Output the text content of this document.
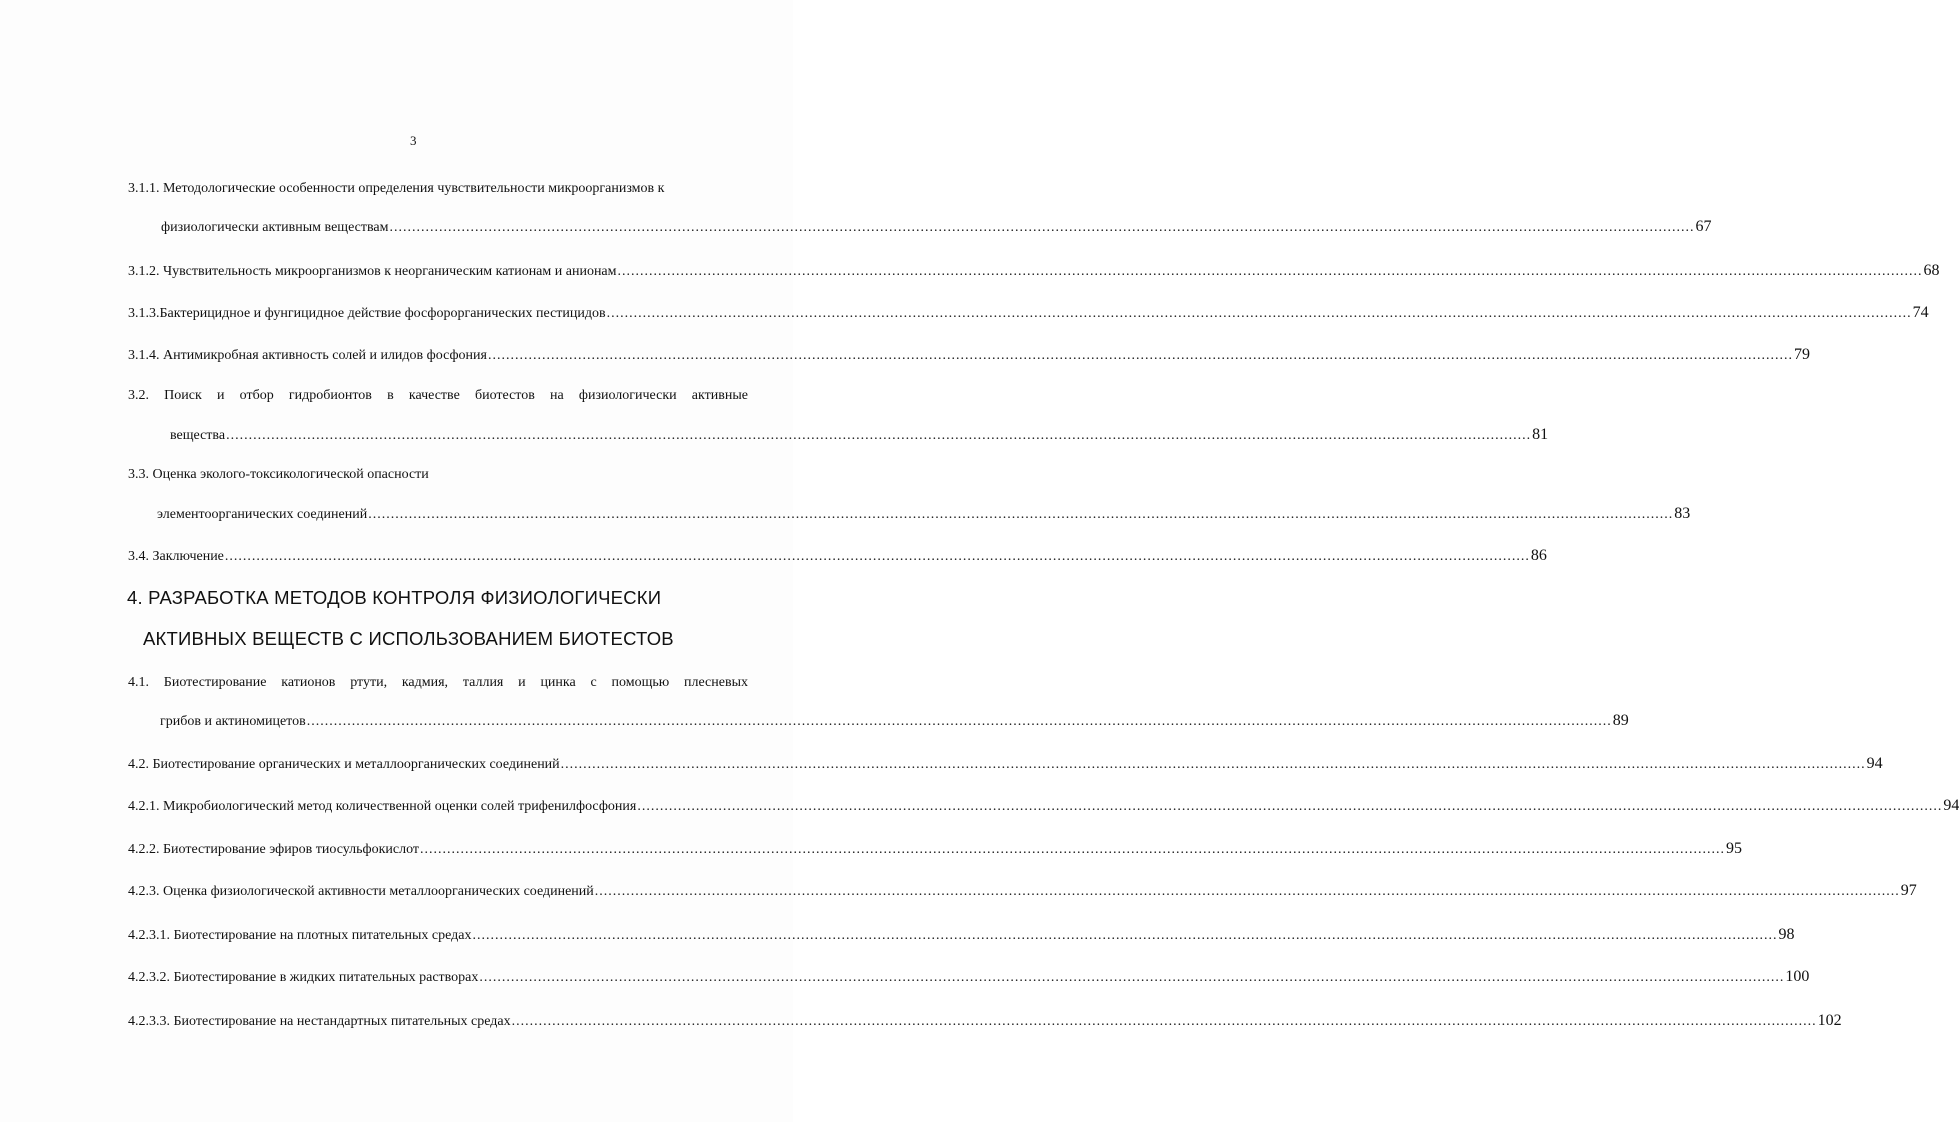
3
3.1.1. Методологические особенности определения чувствительности микроорганизмов к
физиологически активным веществам .................................................................................................................................................................................................................................................................................................. 67
3.1.2. Чувствительность микроорганизмов к неорганическим катионам и анионам .................................................................................................................................................................................................................................................................................................. 68
3.1.3.Бактерицидное и фунгицидное действие фосфорорганических пестицидов .................................................................................................................................................................................................................................................................................................. 74
3.1.4. Антимикробная активность солей и илидов фосфония .................................................................................................................................................................................................................................................................................................. 79
3.2. Поиск и отбор гидробионтов в качестве биотестов на физиологически активные
вещества .................................................................................................................................................................................................................................................................................................. 81
3.3. Оценка эколого-токсикологической опасности
элементоорганических соединений .................................................................................................................................................................................................................................................................................................. 83
3.4. Заключение .................................................................................................................................................................................................................................................................................................. 86
4. РАЗРАБОТКА МЕТОДОВ КОНТРОЛЯ ФИЗИОЛОГИЧЕСКИ
АКТИВНЫХ ВЕЩЕСТВ С ИСПОЛЬЗОВАНИЕМ БИОТЕСТОВ
4.1. Биотестирование катионов ртути, кадмия, таллия и цинка с помощью плесневых
грибов и актиномицетов .................................................................................................................................................................................................................................................................................................. 89
4.2. Биотестирование органических и металлоорганических соединений .................................................................................................................................................................................................................................................................................................. 94
4.2.1. Микробиологический метод количественной оценки солей трифенилфосфония .................................................................................................................................................................................................................................................................................................. 94
4.2.2. Биотестирование эфиров тиосульфокислот .................................................................................................................................................................................................................................................................................................. 95
4.2.3. Оценка физиологической активности металлоорганических соединений .................................................................................................................................................................................................................................................................................................. 97
4.2.3.1. Биотестирование на плотных питательных средах .................................................................................................................................................................................................................................................................................................. 98
4.2.3.2. Биотестирование в жидких питательных растворах .................................................................................................................................................................................................................................................................................................. 100
4.2.3.3. Биотестирование на нестандартных питательных средах .................................................................................................................................................................................................................................................................................................. 102
